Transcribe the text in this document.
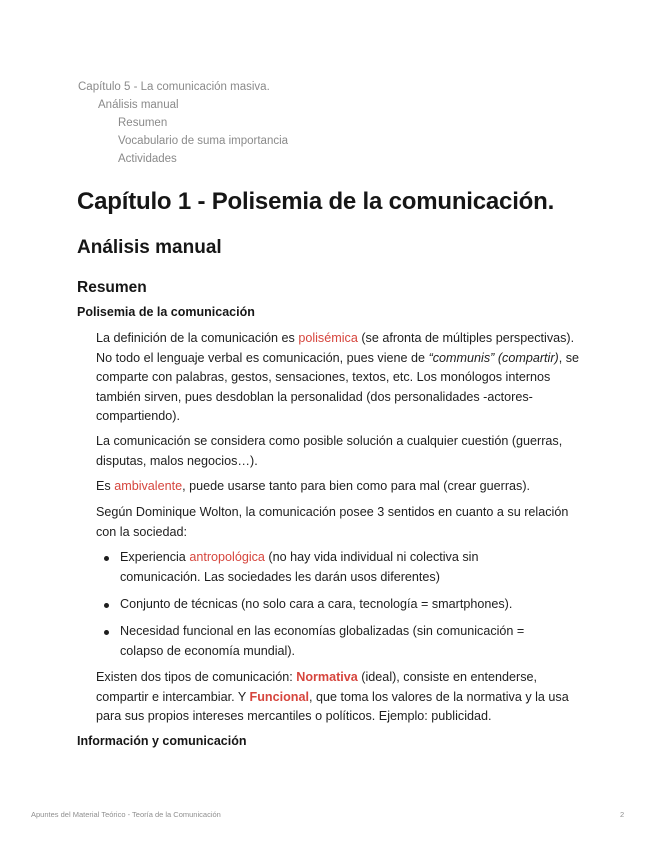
Capítulo 5 - La comunicación masiva.
Análisis manual
Resumen
Vocabulario de suma importancia
Actividades
Capítulo 1 - Polisemia de la comunicación.
Análisis manual
Resumen
Polisemia de la comunicación

La definición de la comunicación es polisémica (se afronta de múltiples perspectivas). No todo el lenguaje verbal es comunicación, pues viene de “communis” (compartir), se comparte con palabras, gestos, sensaciones, textos, etc. Los monólogos internos también sirven, pues desdoblan la personalidad (dos personalidades -actores- compartiendo).

La comunicación se considera como posible solución a cualquier cuestión (guerras, disputas, malos negocios…).

Es ambivalente, puede usarse tanto para bien como para mal (crear guerras).

Según Dominique Wolton, la comunicación posee 3 sentidos en cuanto a su relación con la sociedad:

Experiencia antropológica (no hay vida individual ni colectiva sin comunicación. Las sociedades les darán usos diferentes)
Conjunto de técnicas (no solo cara a cara, tecnología = smartphones).
Necesidad funcional en las economías globalizadas (sin comunicación = colapso de economía mundial).

Existen dos tipos de comunicación: Normativa (ideal), consiste en entenderse, compartir e intercambiar. Y Funcional, que toma los valores de la normativa y la usa para sus propios intereses mercantiles o políticos. Ejemplo: publicidad.

Información y comunicación
Apuntes del Material Teórico - Teoría de la Comunicación	2
